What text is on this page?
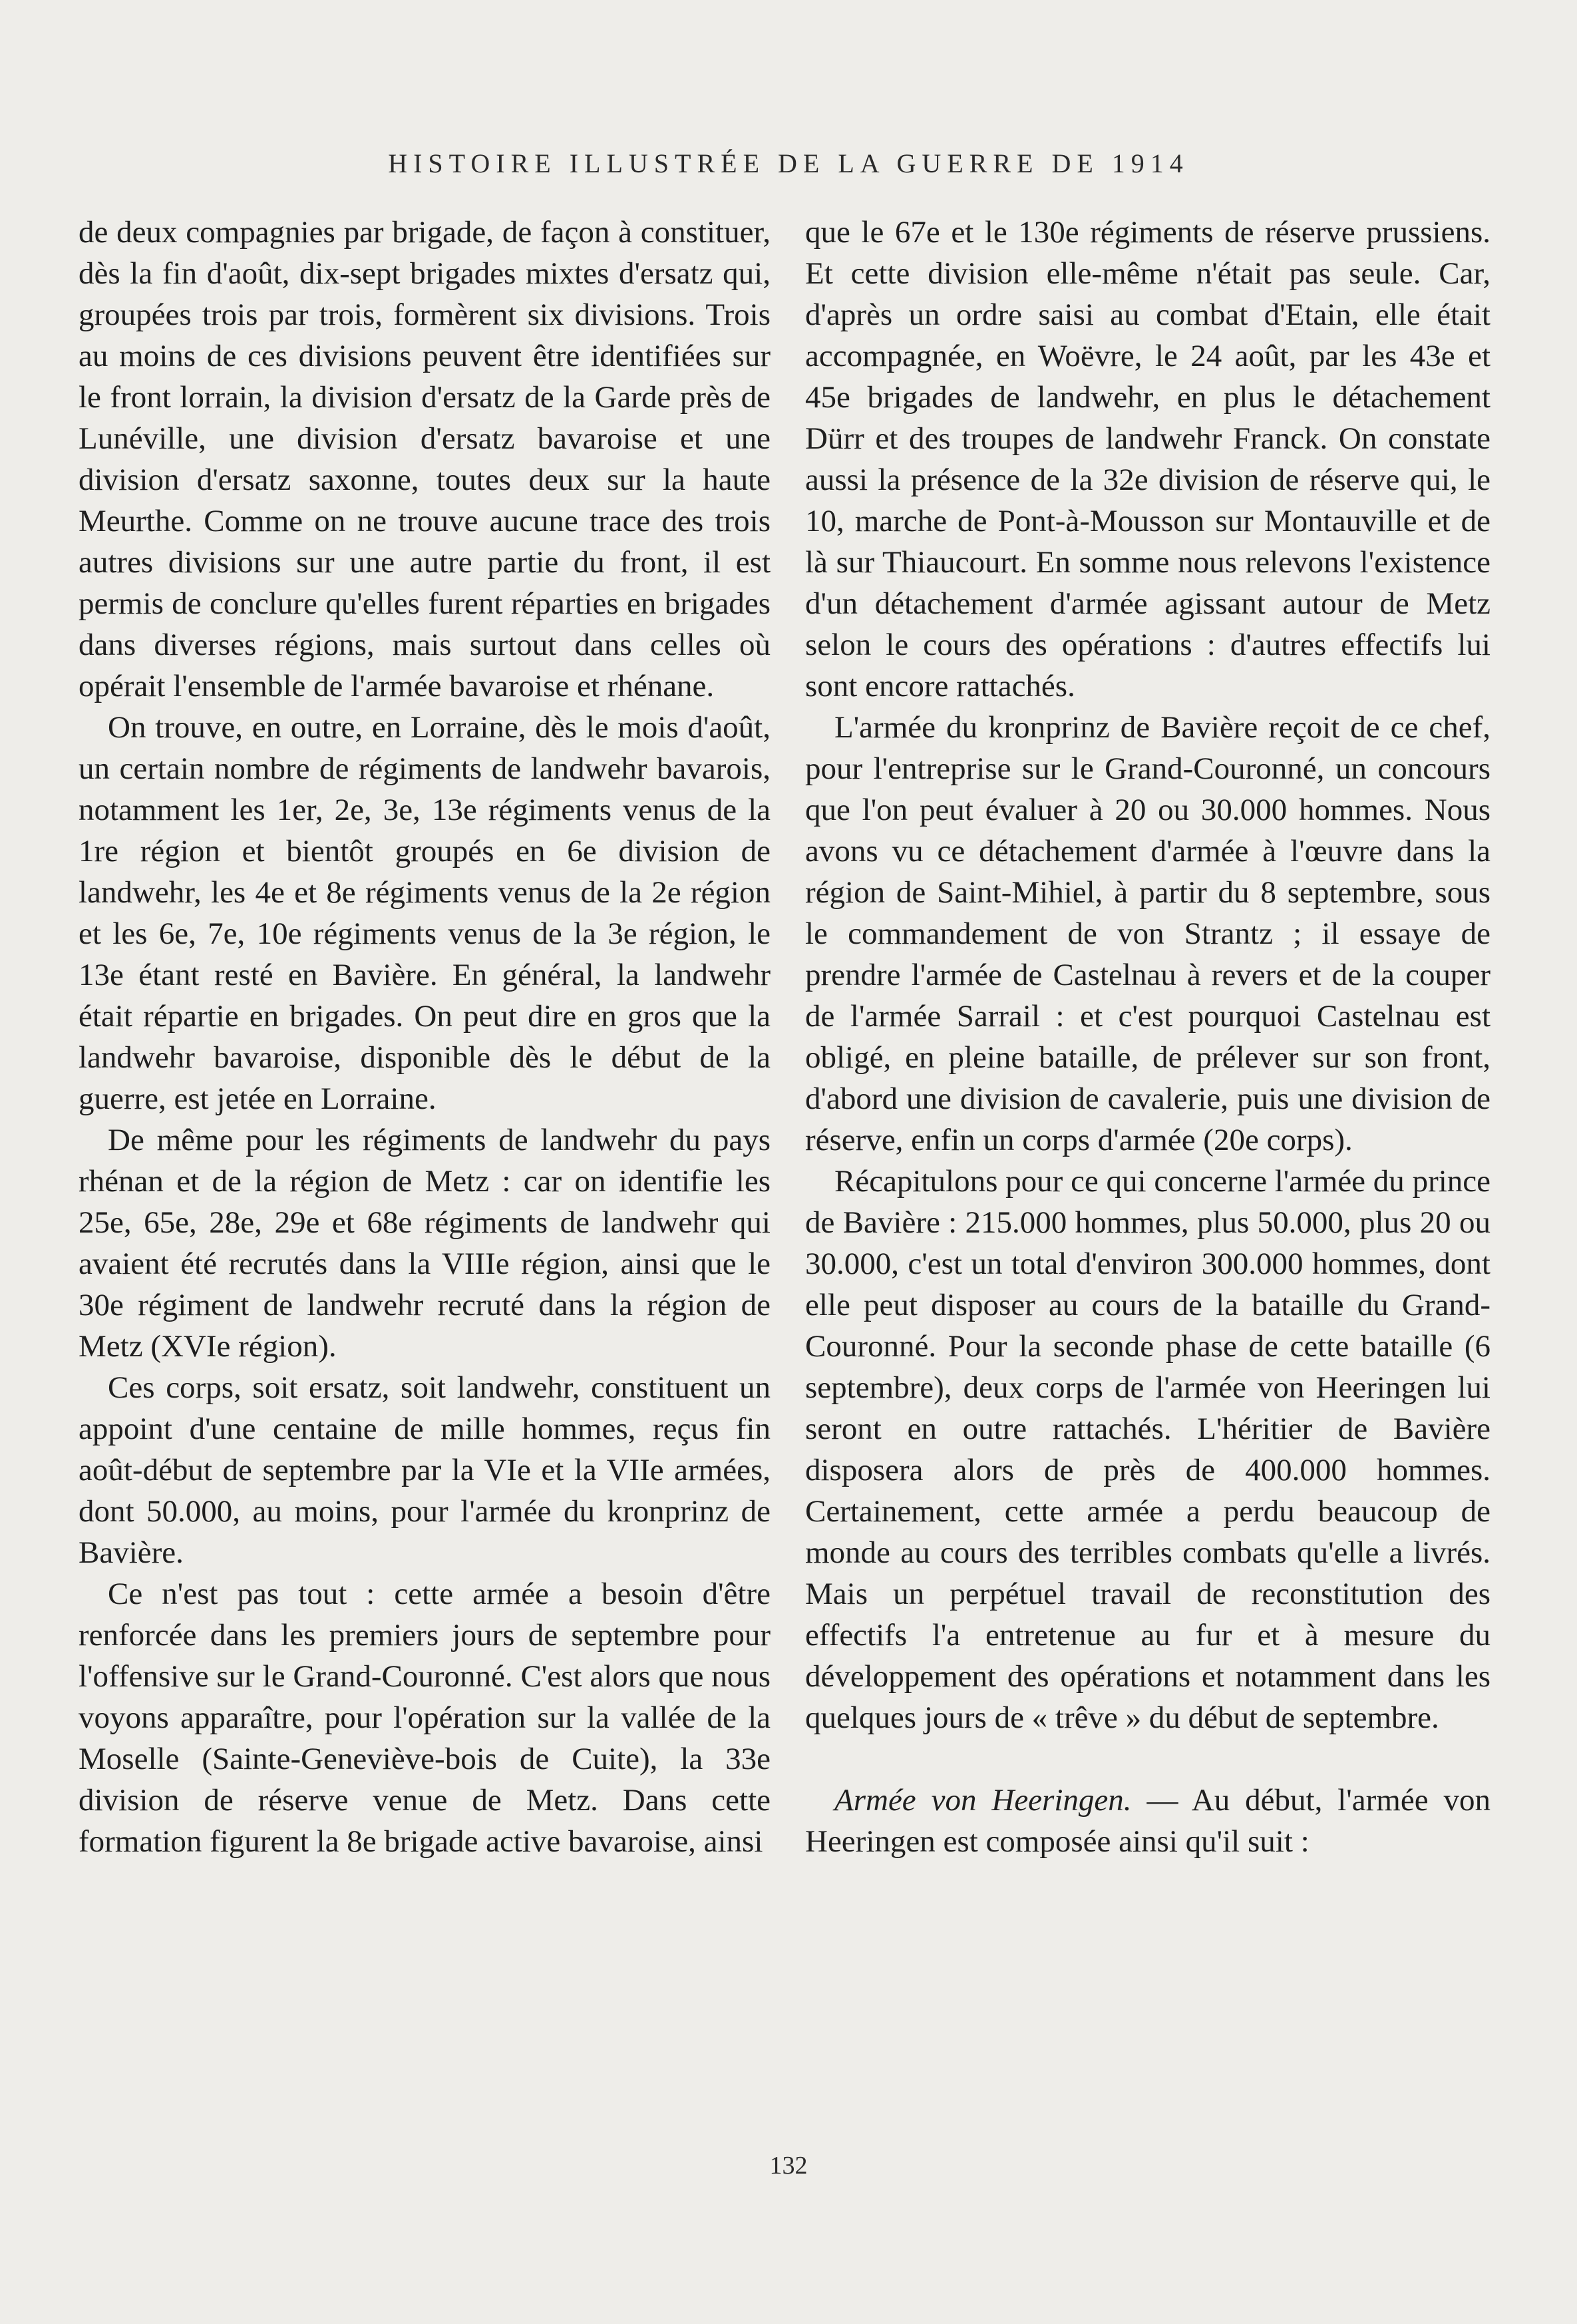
HISTOIRE ILLUSTRÉE DE LA GUERRE DE 1914

de deux compagnies par brigade, de façon à constituer, dès la fin d'août, dix-sept brigades mixtes d'ersatz qui, groupées trois par trois, formèrent six divisions. Trois au moins de ces divisions peuvent être identifiées sur le front lorrain, la division d'ersatz de la Garde près de Lunéville, une division d'ersatz bavaroise et une division d'ersatz saxonne, toutes deux sur la haute Meurthe. Comme on ne trouve aucune trace des trois autres divisions sur une autre partie du front, il est permis de conclure qu'elles furent réparties en brigades dans diverses régions, mais surtout dans celles où opérait l'ensemble de l'armée bavaroise et rhénane.

On trouve, en outre, en Lorraine, dès le mois d'août, un certain nombre de régiments de landwehr bavarois, notamment les 1er, 2e, 3e, 13e régiments venus de la 1re région et bientôt groupés en 6e division de landwehr, les 4e et 8e régiments venus de la 2e région et les 6e, 7e, 10e régiments venus de la 3e région, le 13e étant resté en Bavière. En général, la landwehr était répartie en brigades. On peut dire en gros que la landwehr bavaroise, disponible dès le début de la guerre, est jetée en Lorraine.

De même pour les régiments de landwehr du pays rhénan et de la région de Metz : car on identifie les 25e, 65e, 28e, 29e et 68e régiments de landwehr qui avaient été recrutés dans la VIIIe région, ainsi que le 30e régiment de landwehr recruté dans la région de Metz (XVIe région).

Ces corps, soit ersatz, soit landwehr, constituent un appoint d'une centaine de mille hommes, reçus fin août-début de septembre par la VIe et la VIIe armées, dont 50.000, au moins, pour l'armée du kronprinz de Bavière.

Ce n'est pas tout : cette armée a besoin d'être renforcée dans les premiers jours de septembre pour l'offensive sur le Grand-Couronné. C'est alors que nous voyons apparaître, pour l'opération sur la vallée de la Moselle (Sainte-Geneviève-bois de Cuite), la 33e division de réserve venue de Metz. Dans cette formation figurent la 8e brigade active bavaroise, ainsi

que le 67e et le 130e régiments de réserve prussiens. Et cette division elle-même n'était pas seule. Car, d'après un ordre saisi au combat d'Etain, elle était accompagnée, en Woëvre, le 24 août, par les 43e et 45e brigades de landwehr, en plus le détachement Dürr et des troupes de landwehr Franck. On constate aussi la présence de la 32e division de réserve qui, le 10, marche de Pont-à-Mousson sur Montauville et de là sur Thiaucourt. En somme nous relevons l'existence d'un détachement d'armée agissant autour de Metz selon le cours des opérations : d'autres effectifs lui sont encore rattachés.

L'armée du kronprinz de Bavière reçoit de ce chef, pour l'entreprise sur le Grand-Couronné, un concours que l'on peut évaluer à 20 ou 30.000 hommes. Nous avons vu ce détachement d'armée à l'œuvre dans la région de Saint-Mihiel, à partir du 8 septembre, sous le commandement de von Strantz ; il essaye de prendre l'armée de Castelnau à revers et de la couper de l'armée Sarrail : et c'est pourquoi Castelnau est obligé, en pleine bataille, de prélever sur son front, d'abord une division de cavalerie, puis une division de réserve, enfin un corps d'armée (20e corps).

Récapitulons pour ce qui concerne l'armée du prince de Bavière : 215.000 hommes, plus 50.000, plus 20 ou 30.000, c'est un total d'environ 300.000 hommes, dont elle peut disposer au cours de la bataille du Grand-Couronné. Pour la seconde phase de cette bataille (6 septembre), deux corps de l'armée von Heeringen lui seront en outre rattachés. L'héritier de Bavière disposera alors de près de 400.000 hommes. Certainement, cette armée a perdu beaucoup de monde au cours des terribles combats qu'elle a livrés. Mais un perpétuel travail de reconstitution des effectifs l'a entretenue au fur et à mesure du développement des opérations et notamment dans les quelques jours de « trêve » du début de septembre.

Armée von Heeringen. — Au début, l'armée von Heeringen est composée ainsi qu'il suit :

132
